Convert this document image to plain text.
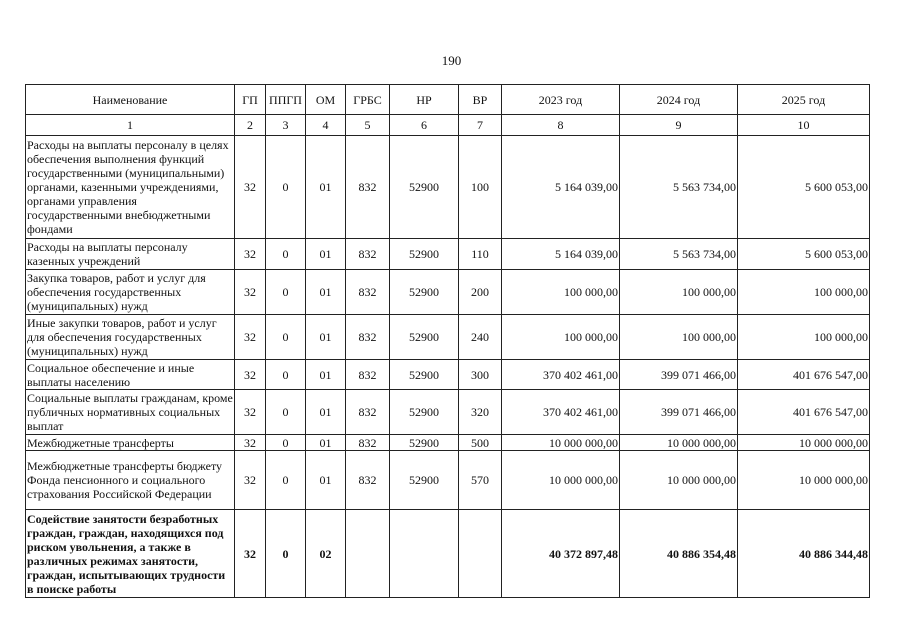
190
Наименование	ГП	ППГП	ОМ	ГРБС	НР	ВР	2023 год	2024 год	2025 год
1	2	3	4	5	6	7	8	9	10
Расходы на выплаты персоналу в целях обеспечения выполнения функций государственными (муниципальными) органами, казенными учреждениями, органами управления государственными внебюджетными фондами	32	0	01	832	52900	100	5 164 039,00	5 563 734,00	5 600 053,00
Расходы на выплаты персоналу казенных учреждений	32	0	01	832	52900	110	5 164 039,00	5 563 734,00	5 600 053,00
Закупка товаров, работ и услуг для обеспечения государственных (муниципальных) нужд	32	0	01	832	52900	200	100 000,00	100 000,00	100 000,00
Иные закупки товаров, работ и услуг для обеспечения государственных (муниципальных) нужд	32	0	01	832	52900	240	100 000,00	100 000,00	100 000,00
Социальное обеспечение и иные выплаты населению	32	0	01	832	52900	300	370 402 461,00	399 071 466,00	401 676 547,00
Социальные выплаты гражданам, кроме публичных нормативных социальных выплат	32	0	01	832	52900	320	370 402 461,00	399 071 466,00	401 676 547,00
Межбюджетные трансферты	32	0	01	832	52900	500	10 000 000,00	10 000 000,00	10 000 000,00
Межбюджетные трансферты бюджету Фонда пенсионного и социального страхования Российской Федерации	32	0	01	832	52900	570	10 000 000,00	10 000 000,00	10 000 000,00
Содействие занятости безработных граждан, граждан, находящихся под риском увольнения, а также в различных режимах занятости, граждан, испытывающих трудности в поиске работы	32	0	02				40 372 897,48	40 886 354,48	40 886 344,48
